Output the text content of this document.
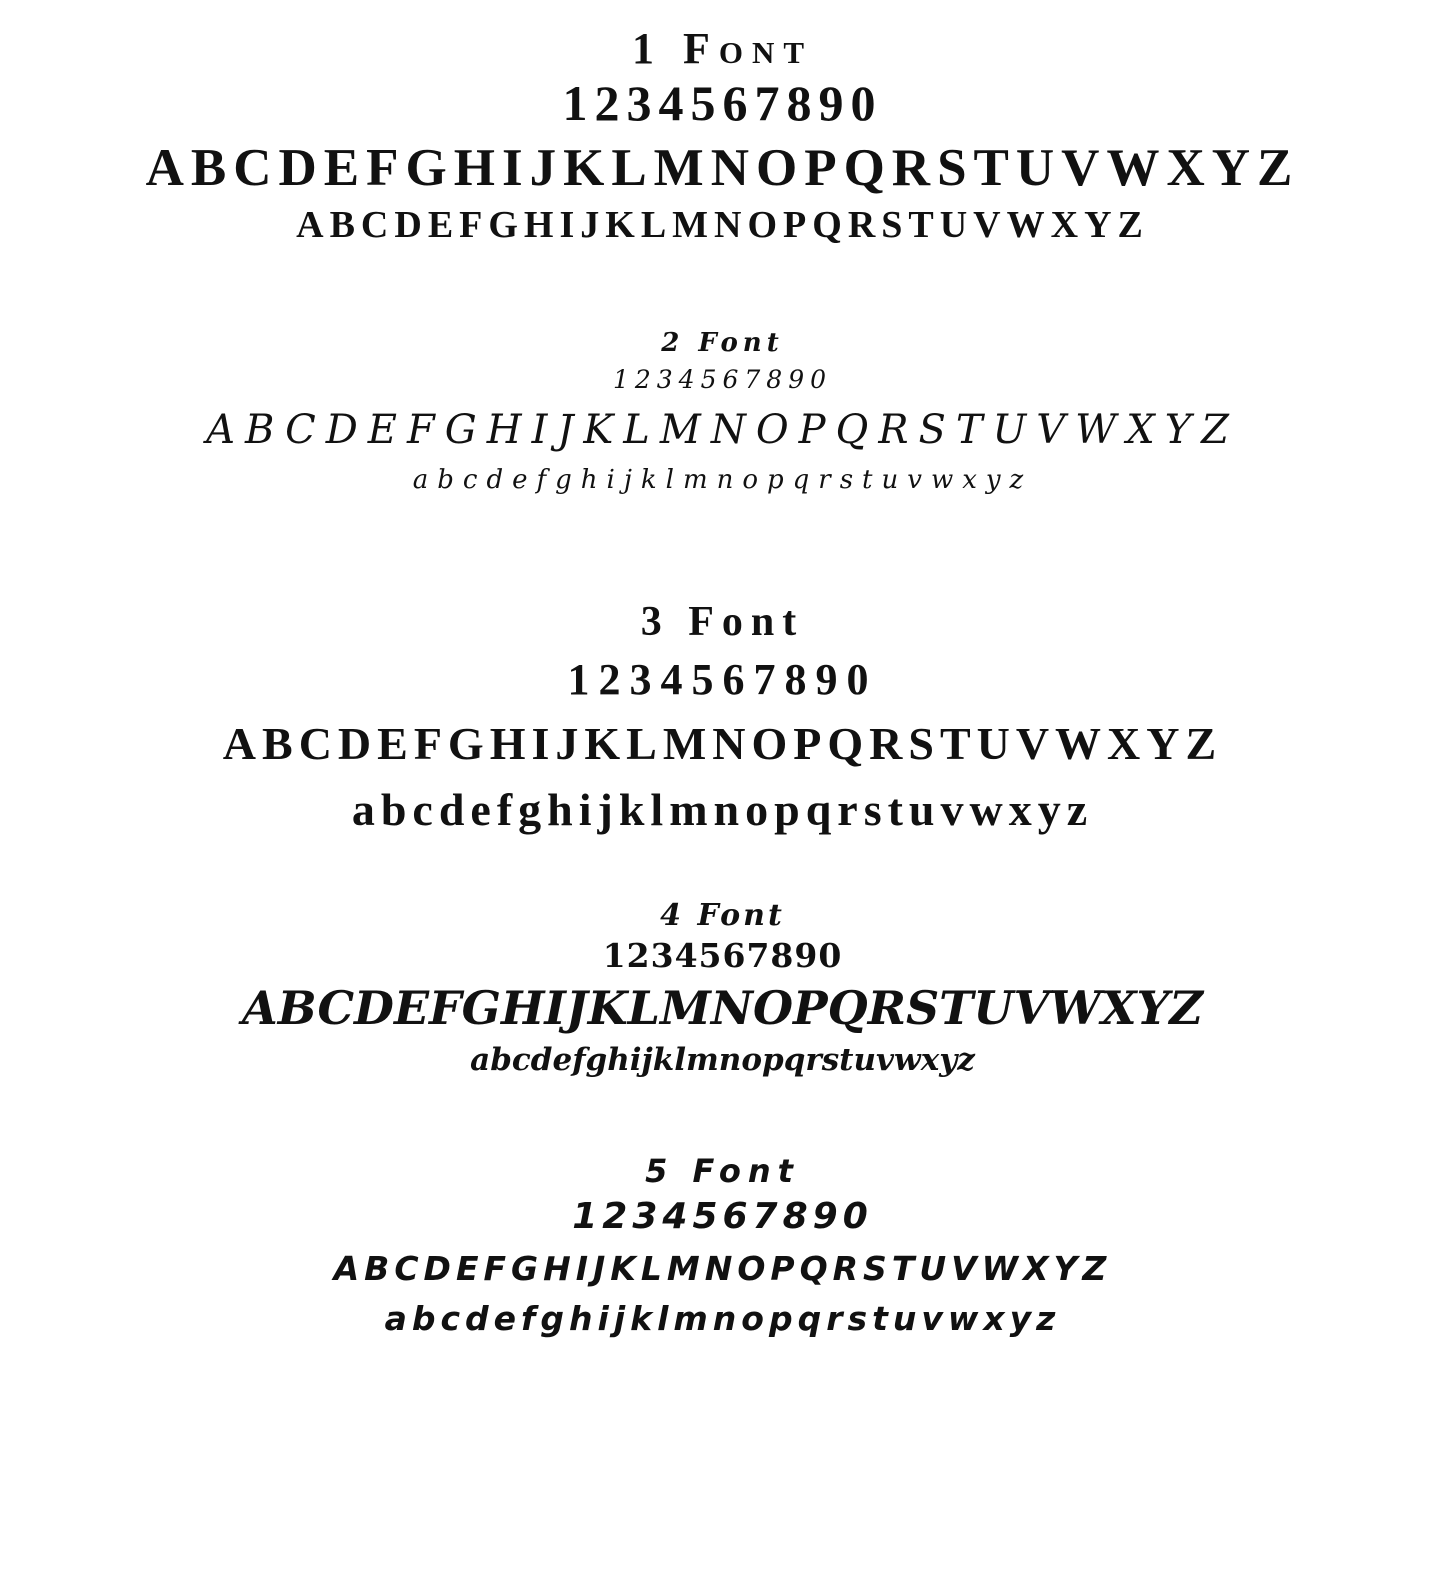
1 Font
1234567890
ABCDEFGHIJKLMNOPQRSTUVWXYZ
ABCDEFGHIJKLMNOPQRSTUVWXYZ
2 Font
1234567890
ABCDEFGHIJKLMNOPQRSTUVWXYZ
abcdefghijklmnopqrstuvwxyz
3 Font
1234567890
ABCDEFGHIJKLMNOPQRSTUVWXYZ
abcdefghijklmnopqrstuvwxyz
4 Font
1234567890
ABCDEFGHIJKLMNOPQRSTUVWXYZ
abcdefghijklmnopqrstuvwxyz
5 Font
1234567890
ABCDEFGHIJKLMNOPQRSTUVWXYZ
abcdefghijklmnopqrstuvwxyz
